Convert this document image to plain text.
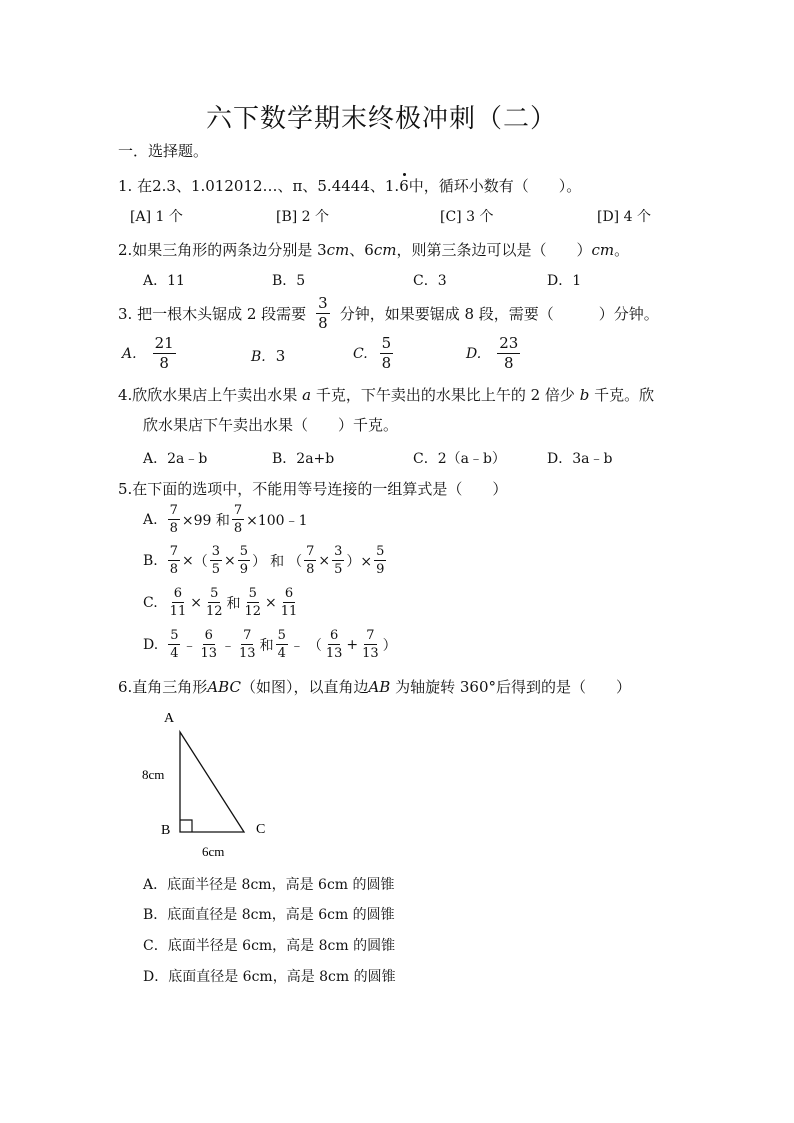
六下数学期末终极冲刺（二）
一．选择题。
1. 在2.3、1.012012…、π、5.4444、1.6
中，循环小数有（　　）。
[A] 1 个	[B] 2 个	[C] 3 个	[D] 4 个
2.如果三角形的两条边分别是 3cm、6cm，则第三条边可以是（　　）cm。
A．11	B．5	C．3	D．1
3. 把一根木头锯成 2 段需要 $\frac{3}{8}$ 分钟，如果要锯成 8 段，需要（　　　）分钟。
A. $\frac{21}{8}$	B. 3	C. $\frac{5}{8}$	D. $\frac{23}{8}$
4.欣欣水果店上午卖出水果 a 千克，下午卖出的水果比上午的 2 倍少 b 千克。欣
欣水果店下午卖出水果（　　）千克。
A．2a﹣b	B．2a+b	C．2（a﹣b）	D．3a﹣b
5.在下面的选项中，不能用等号连接的一组算式是（　　）
A. $\frac{7}{8} \times 99$ 和 $\frac{7}{8}$ ×100﹣1
B. $\frac{7}{8}$ × （ $\frac{3}{5} \times \frac{5}{9}$ ） 和 （ $\frac{7}{8} \times \frac{3}{5}$ ）× $\frac{5}{9}$
C. $\frac{6}{11} \times \frac{5}{12}$ 和 $\frac{5}{12} \times \frac{6}{11}$
D. $\frac{5}{4}$ ﹣ $\frac{6}{13}$ ﹣ $\frac{7}{13}$ 和 $\frac{5}{4}$ ﹣ （ $\frac{6}{13} + \frac{7}{13}$ ）
6.直角三角形ABC（如图），以直角边AB 为轴旋转 360°后得到的是（　　）
A
B	C
8cm
6cm
A．底面半径是 8cm，高是 6cm 的圆锥
B．底面直径是 8cm，高是 6cm 的圆锥
C．底面半径是 6cm，高是 8cm 的圆锥
D．底面直径是 6cm，高是 8cm 的圆锥
